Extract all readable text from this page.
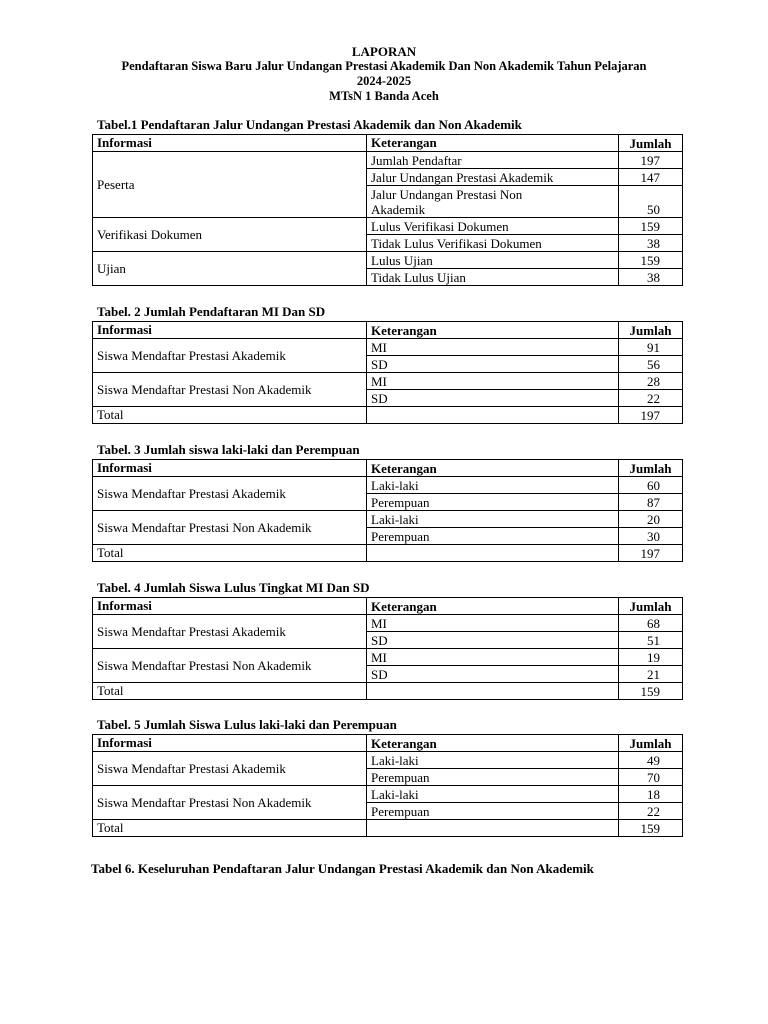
LAPORAN
Pendaftaran Siswa Baru Jalur Undangan Prestasi Akademik Dan Non Akademik Tahun Pelajaran
2024-2025
MTsN 1 Banda Aceh
Tabel.1 Pendaftaran Jalur Undangan Prestasi Akademik dan Non Akademik
Informasi	Keterangan	Jumlah
Peserta	Jumlah Pendaftar	197
	Jalur Undangan Prestasi Akademik	147
	Jalur Undangan Prestasi Non Akademik	50
Verifikasi Dokumen	Lulus Verifikasi Dokumen	159
	Tidak Lulus Verifikasi Dokumen	38
Ujian	Lulus Ujian	159
	Tidak Lulus Ujian	38
Tabel. 2 Jumlah Pendaftaran MI Dan SD
Informasi	Keterangan	Jumlah
Siswa Mendaftar Prestasi Akademik	MI	91
	SD	56
Siswa Mendaftar Prestasi Non Akademik	MI	28
	SD	22
Total		197
Tabel. 3 Jumlah siswa laki-laki dan Perempuan
Informasi	Keterangan	Jumlah
Siswa Mendaftar Prestasi Akademik	Laki-laki	60
	Perempuan	87
Siswa Mendaftar Prestasi Non Akademik	Laki-laki	20
	Perempuan	30
Total		197
Tabel. 4 Jumlah Siswa Lulus Tingkat MI Dan SD
Informasi	Keterangan	Jumlah
Siswa Mendaftar Prestasi Akademik	MI	68
	SD	51
Siswa Mendaftar Prestasi Non Akademik	MI	19
	SD	21
Total		159
Tabel. 5 Jumlah Siswa Lulus laki-laki dan Perempuan
Informasi	Keterangan	Jumlah
Siswa Mendaftar Prestasi Akademik	Laki-laki	49
	Perempuan	70
Siswa Mendaftar Prestasi Non Akademik	Laki-laki	18
	Perempuan	22
Total		159
Tabel 6. Keseluruhan Pendaftaran Jalur Undangan Prestasi Akademik dan Non Akademik
